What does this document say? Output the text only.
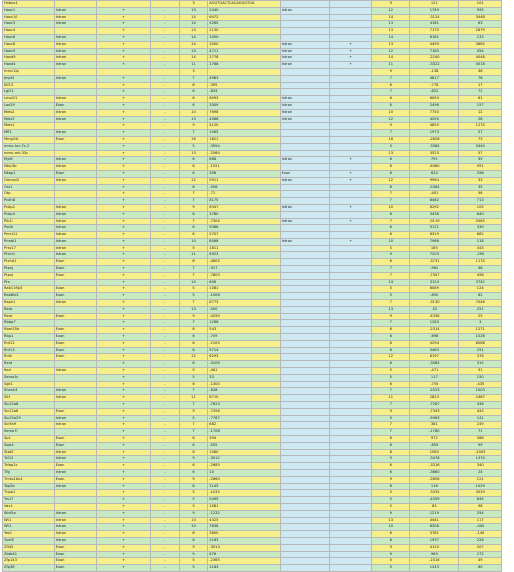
Hnbox1				3	AGGTGACTCACAGGGTGA			9	121	101
Hoxc1	Intron	+	-	13	2440	Intron		12	1749	595
Hoxc10	Intron	+	-	14	6472			14	-3124	3448
Hoxc3	Intron	+	-	14	5260			13	4161	63
Hoxc4		+	-	13	1130			13	7170	2879
Hoxc6	Intron	+	-	14	1000			14	6161	133
Hoxc8	Intron	+	-	14	3050	Intron	+	13	4499	3665
Hoxc9	Intron	+	-	13	4711	Intron	+	12	7185	454
Hoxd9	Intron	+	-	14	2778	Intron	+	14	-2240	4048
Hoxd4	Intron	+	-	11	2788	Intron	+	11	-3322	4018
Irrrcc1lp				3				9	-138	46
Jmjd3	Intron	+	-	7	4983			7	4817	76
Klf13		+	-	6	-395			6	-778	17
Lgi21		+	-	6	-834			7	-822	72
Lmo2l1	Intron	+	-	6	6093	Intron		6	6094	61
Lox2lf	Exon	+	-	6	3309	Intron		6	2496	157
Meis2	Intron	+	-	10	7698	Intron		10	7750	12
Meis3	Intron	+	-	13	4066	Intron		12	4250	28
Meis1		+	-	9	4120			9	4855	1274
Mfl1	Intron	+	-	7	1065			7	1973	57
Mmp24l	Exon	+	-	16	1821			16	-2626	73
mmu-hcr-7c-2		+	-	5	-3954			5	-3384	3440
mmu-mir-33c		+	-	13	-2560			13	3523	57
Myl6	Intron	+	-	6	688	Intron	+	6	791	35
Ntsc3b	Intron	+	-	6	-1521			6	-6360	991
Nkap1	Exon	+	-	6	398	Exon	+	6	624	298
Omcssl2	Intron	+	-	12	9911	Intron	+	12	9964	33
Osr1		+	-	6	-506			6	-5384	35
Otp		+	-	7	-71			7	-401	56
Pcdh8		+	-	7	8175			7	8462	713
Pcbp2	Intron	+	-	9	6347	Intron	+	10	6292	105
Pcbp4	Intron	+	-	6	3780			6	3438	640
Plk1l	Intron	+	-	7	-7304	Intron	+	7	-9119	2065
Pxdb	Intron	+	-	6	9388			6	9111	339
Pnrc1l1	Intron	+	-	6	5707			6	6319	682
Prrxbl1	Intron	+	-	10	8068	Intron	+	10	7966	118
Prss17	Intron	+	-	5	1811			5	185	343
Ptchi1	Intron	+	-	11	6923			9	7203	-290
Ptchd1	Exon	+	-	6	-4605			6	-3731	1174
Ptpnj	Exon	+	-	7	-917			7	-962	46
Ptpnj	Exon	+	-	7	-7803			7	-7307	496
Ptx		+	-	14	608			14	3124	3742
Rab11fip3	Exon	+	-	5	1081			5	6089	124
Rab6bl1	Exon	+	-	5	-1008			5	-690	82
Raph1	Intron	+	-	7	8773			7	-3130	7046
Rarb		+	-	13	-500			13	-52	251
Rarb	Exon	+	-	9	-4290			9	-4336	25
Rbbp7		+	-	7	1286			7	1283	3
Rbm35b	Exon	+	-	8	543			8	-2314	1271
Rbp1	Exon	+	-	6	-709			6	-698	1026
Rnf12	Exon	+	-	6	-2105			6	4294	6068
Rnf13	Exon	+	-	6	5714			6	5463	251
Rnfs	Exon	+	-	12	6293			12	6197	376
Rxra		+	-	8	-3109			8	-3084	315
Rarl	Intron	+	-	5	-461			5	-471	31
Sema3c		+	-	5	33			5	117	150
Sgk1		+	-	6	-1300			6	-755	-435
Shank3	Intron	+	-	7	-628			7	-2523	1003
Sltf	Intron	+	-	11	6710			11	2823	2467
Slc22a6		+	-	7	-7623			7	-7287	436
Slc22a6	Exon	+	-	9	-7356			9	-7343	443
Slc25a29	Intron	+	-	5	-7767			5	-5963	141
Slc9a9	Intron	+	-	7	682			7	381	249
Sema7l		+	-	7	-1708			7	-1780	71
Sp1	Exon	+	-	6	394			6	972	588
Sqsl4	Exon	+	-	6	-555			6	-655	99
Stat2	Intron	+	-	8	1060			8	1060	-2005
Tcf12	Intron	+	-	9	-3012			9	-3478	1374
Tcfap2c	Exon	+	-	6	-2685			6	-3316	340
Tfg	Intron	+	-	6	10			6	-3660	24
Tmkz1bp1	Exon	+	-	9	-2660			9	-2806	121
Top2b	Intron	+	-	8	1145			8	116	1029
Tnpo1		+	-	5	-1035			5	-3335	3029
Trs17		+	-	5	5495			5	-4359	844
Vav1		+	-	5	1081			5	83	98
Wnt5a	Intron	+	-	9	-1232			9	1219	254
Wt1	Intron	+	-	13	4325			13	4441	117
Wt1	Intron	+	-	10	7838			10	8308	-400
Yes1	Intron	+	-	6	3800			6	3781	-149
Ypel5	Intron	+	-	6	2163			6	1937	226
Zfl45	Exon	+	-	9	-3913			9	4120	207
Zbtb41	Exon	+	-	9	676			9	969	272
Zfp143	Exon	+	-	5	-2365			5	-2316	49
Zfp36	Exon	+	-	5	1183			5	1243	60
